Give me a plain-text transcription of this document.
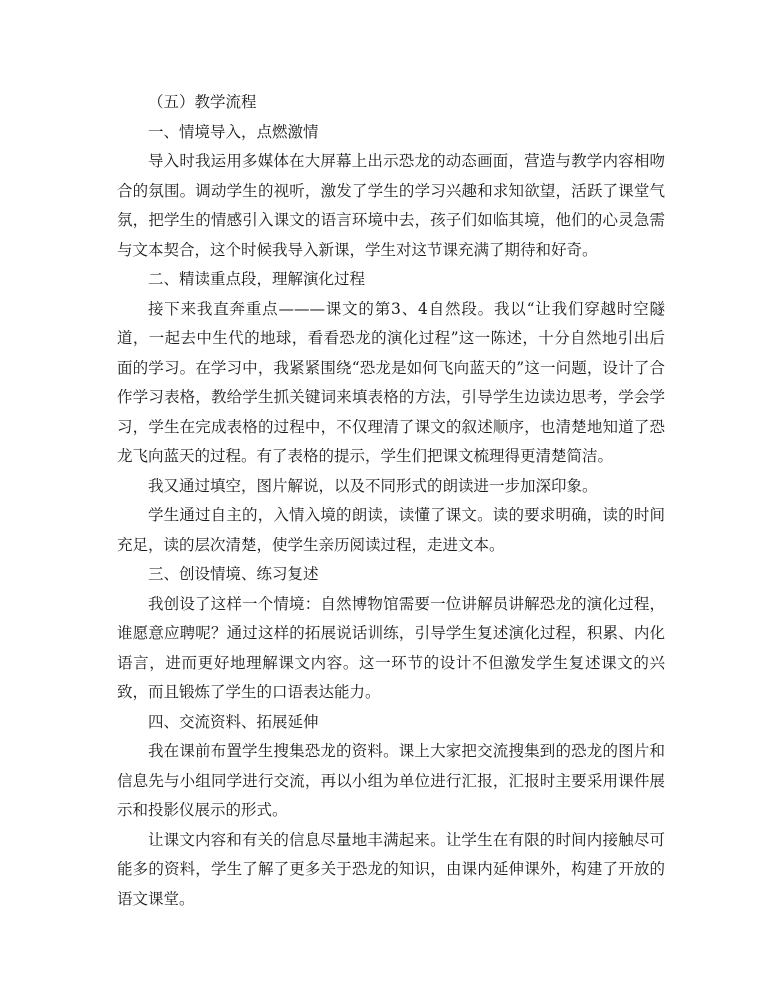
（五）教学流程

一、情境导入，点燃激情

导入时我运用多媒体在大屏幕上出示恐龙的动态画面，营造与教学内容相吻合的氛围。调动学生的视听，激发了学生的学习兴趣和求知欲望，活跃了课堂气氛，把学生的情感引入课文的语言环境中去，孩子们如临其境，他们的心灵急需与文本契合，这个时候我导入新课，学生对这节课充满了期待和好奇。

二、精读重点段，理解演化过程

接下来我直奔重点———课文的第3、4自然段。我以“让我们穿越时空隧道，一起去中生代的地球，看看恐龙的演化过程”这一陈述，十分自然地引出后面的学习。在学习中，我紧紧围绕“恐龙是如何飞向蓝天的”这一问题，设计了合作学习表格，教给学生抓关键词来填表格的方法，引导学生边读边思考，学会学习，学生在完成表格的过程中，不仅理清了课文的叙述顺序，也清楚地知道了恐龙飞向蓝天的过程。有了表格的提示，学生们把课文梳理得更清楚简洁。

我又通过填空，图片解说，以及不同形式的朗读进一步加深印象。

学生通过自主的，入情入境的朗读，读懂了课文。读的要求明确，读的时间充足，读的层次清楚，使学生亲历阅读过程，走进文本。

三、创设情境、练习复述

我创设了这样一个情境：自然博物馆需要一位讲解员讲解恐龙的演化过程，谁愿意应聘呢？通过这样的拓展说话训练，引导学生复述演化过程，积累、内化语言，进而更好地理解课文内容。这一环节的设计不但激发学生复述课文的兴致，而且锻炼了学生的口语表达能力。

四、交流资料、拓展延伸

我在课前布置学生搜集恐龙的资料。课上大家把交流搜集到的恐龙的图片和信息先与小组同学进行交流，再以小组为单位进行汇报，汇报时主要采用课件展示和投影仪展示的形式。

让课文内容和有关的信息尽量地丰满起来。让学生在有限的时间内接触尽可能多的资料，学生了解了更多关于恐龙的知识，由课内延伸课外，构建了开放的语文课堂。
